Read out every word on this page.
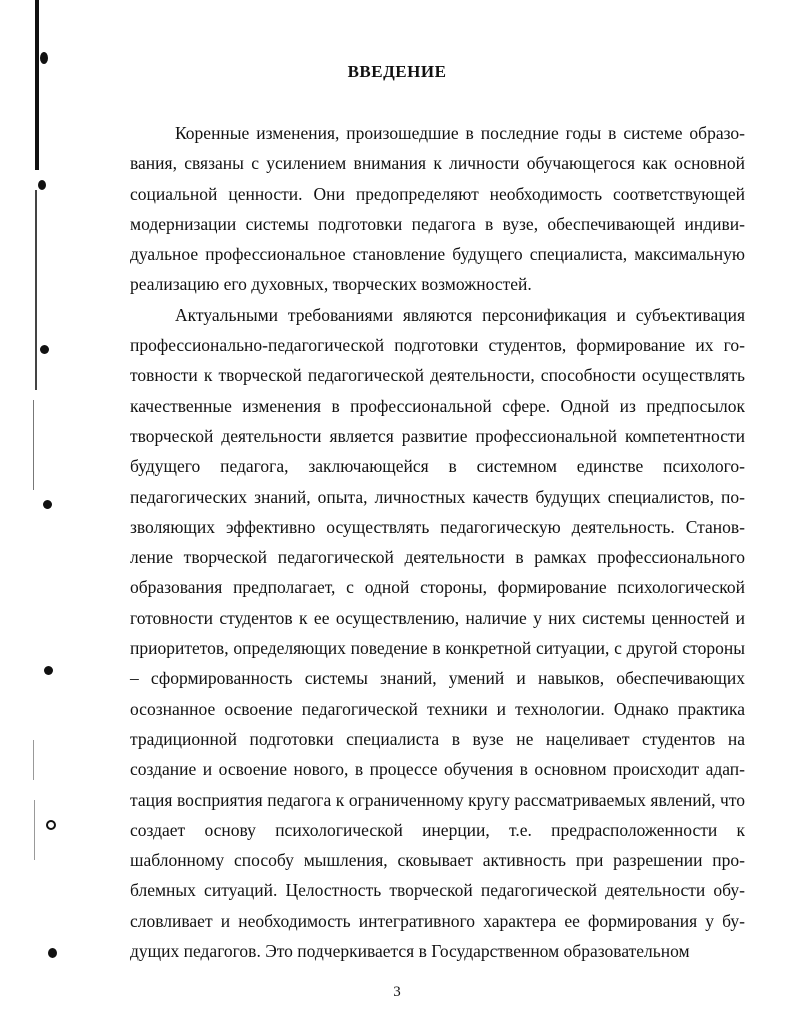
ВВЕДЕНИЕ

Коренные изменения, произошедшие в последние годы в системе образования, связаны с усилением внимания к личности обучающегося как основной социальной ценности. Они предопределяют необходимость соответствующей модернизации системы подготовки педагога в вузе, обеспечивающей индивидуальное профессиональное становление будущего специалиста, максимальную реализацию его духовных, творческих возможностей.

Актуальными требованиями являются персонификация и субъективация профессионально-педагогической подготовки студентов, формирование их готовности к творческой педагогической деятельности, способности осуществлять качественные изменения в профессиональной сфере. Одной из предпосылок творческой деятельности является развитие профессиональной компетентности будущего педагога, заключающейся в системном единстве психолого-педагогических знаний, опыта, личностных качеств будущих специалистов, позволяющих эффективно осуществлять педагогическую деятельность. Становление творческой педагогической деятельности в рамках профессионального образования предполагает, с одной стороны, формирование психологической готовности студентов к ее осуществлению, наличие у них системы ценностей и приоритетов, определяющих поведение в конкретной ситуации, с другой стороны – сформированность системы знаний, умений и навыков, обеспечивающих осознанное освоение педагогической техники и технологии. Однако практика традиционной подготовки специалиста в вузе не нацеливает студентов на создание и освоение нового, в процессе обучения в основном происходит адаптация восприятия педагога к ограниченному кругу рассматриваемых явлений, что создает основу психологической инерции, т.е. предрасположенности к шаблонному способу мышления, сковывает активность при разрешении проблемных ситуаций. Целостность творческой педагогической деятельности обусловливает и необходимость интегративного характера ее формирования у будущих педагогов. Это подчеркивается в Государственном образовательном

3
